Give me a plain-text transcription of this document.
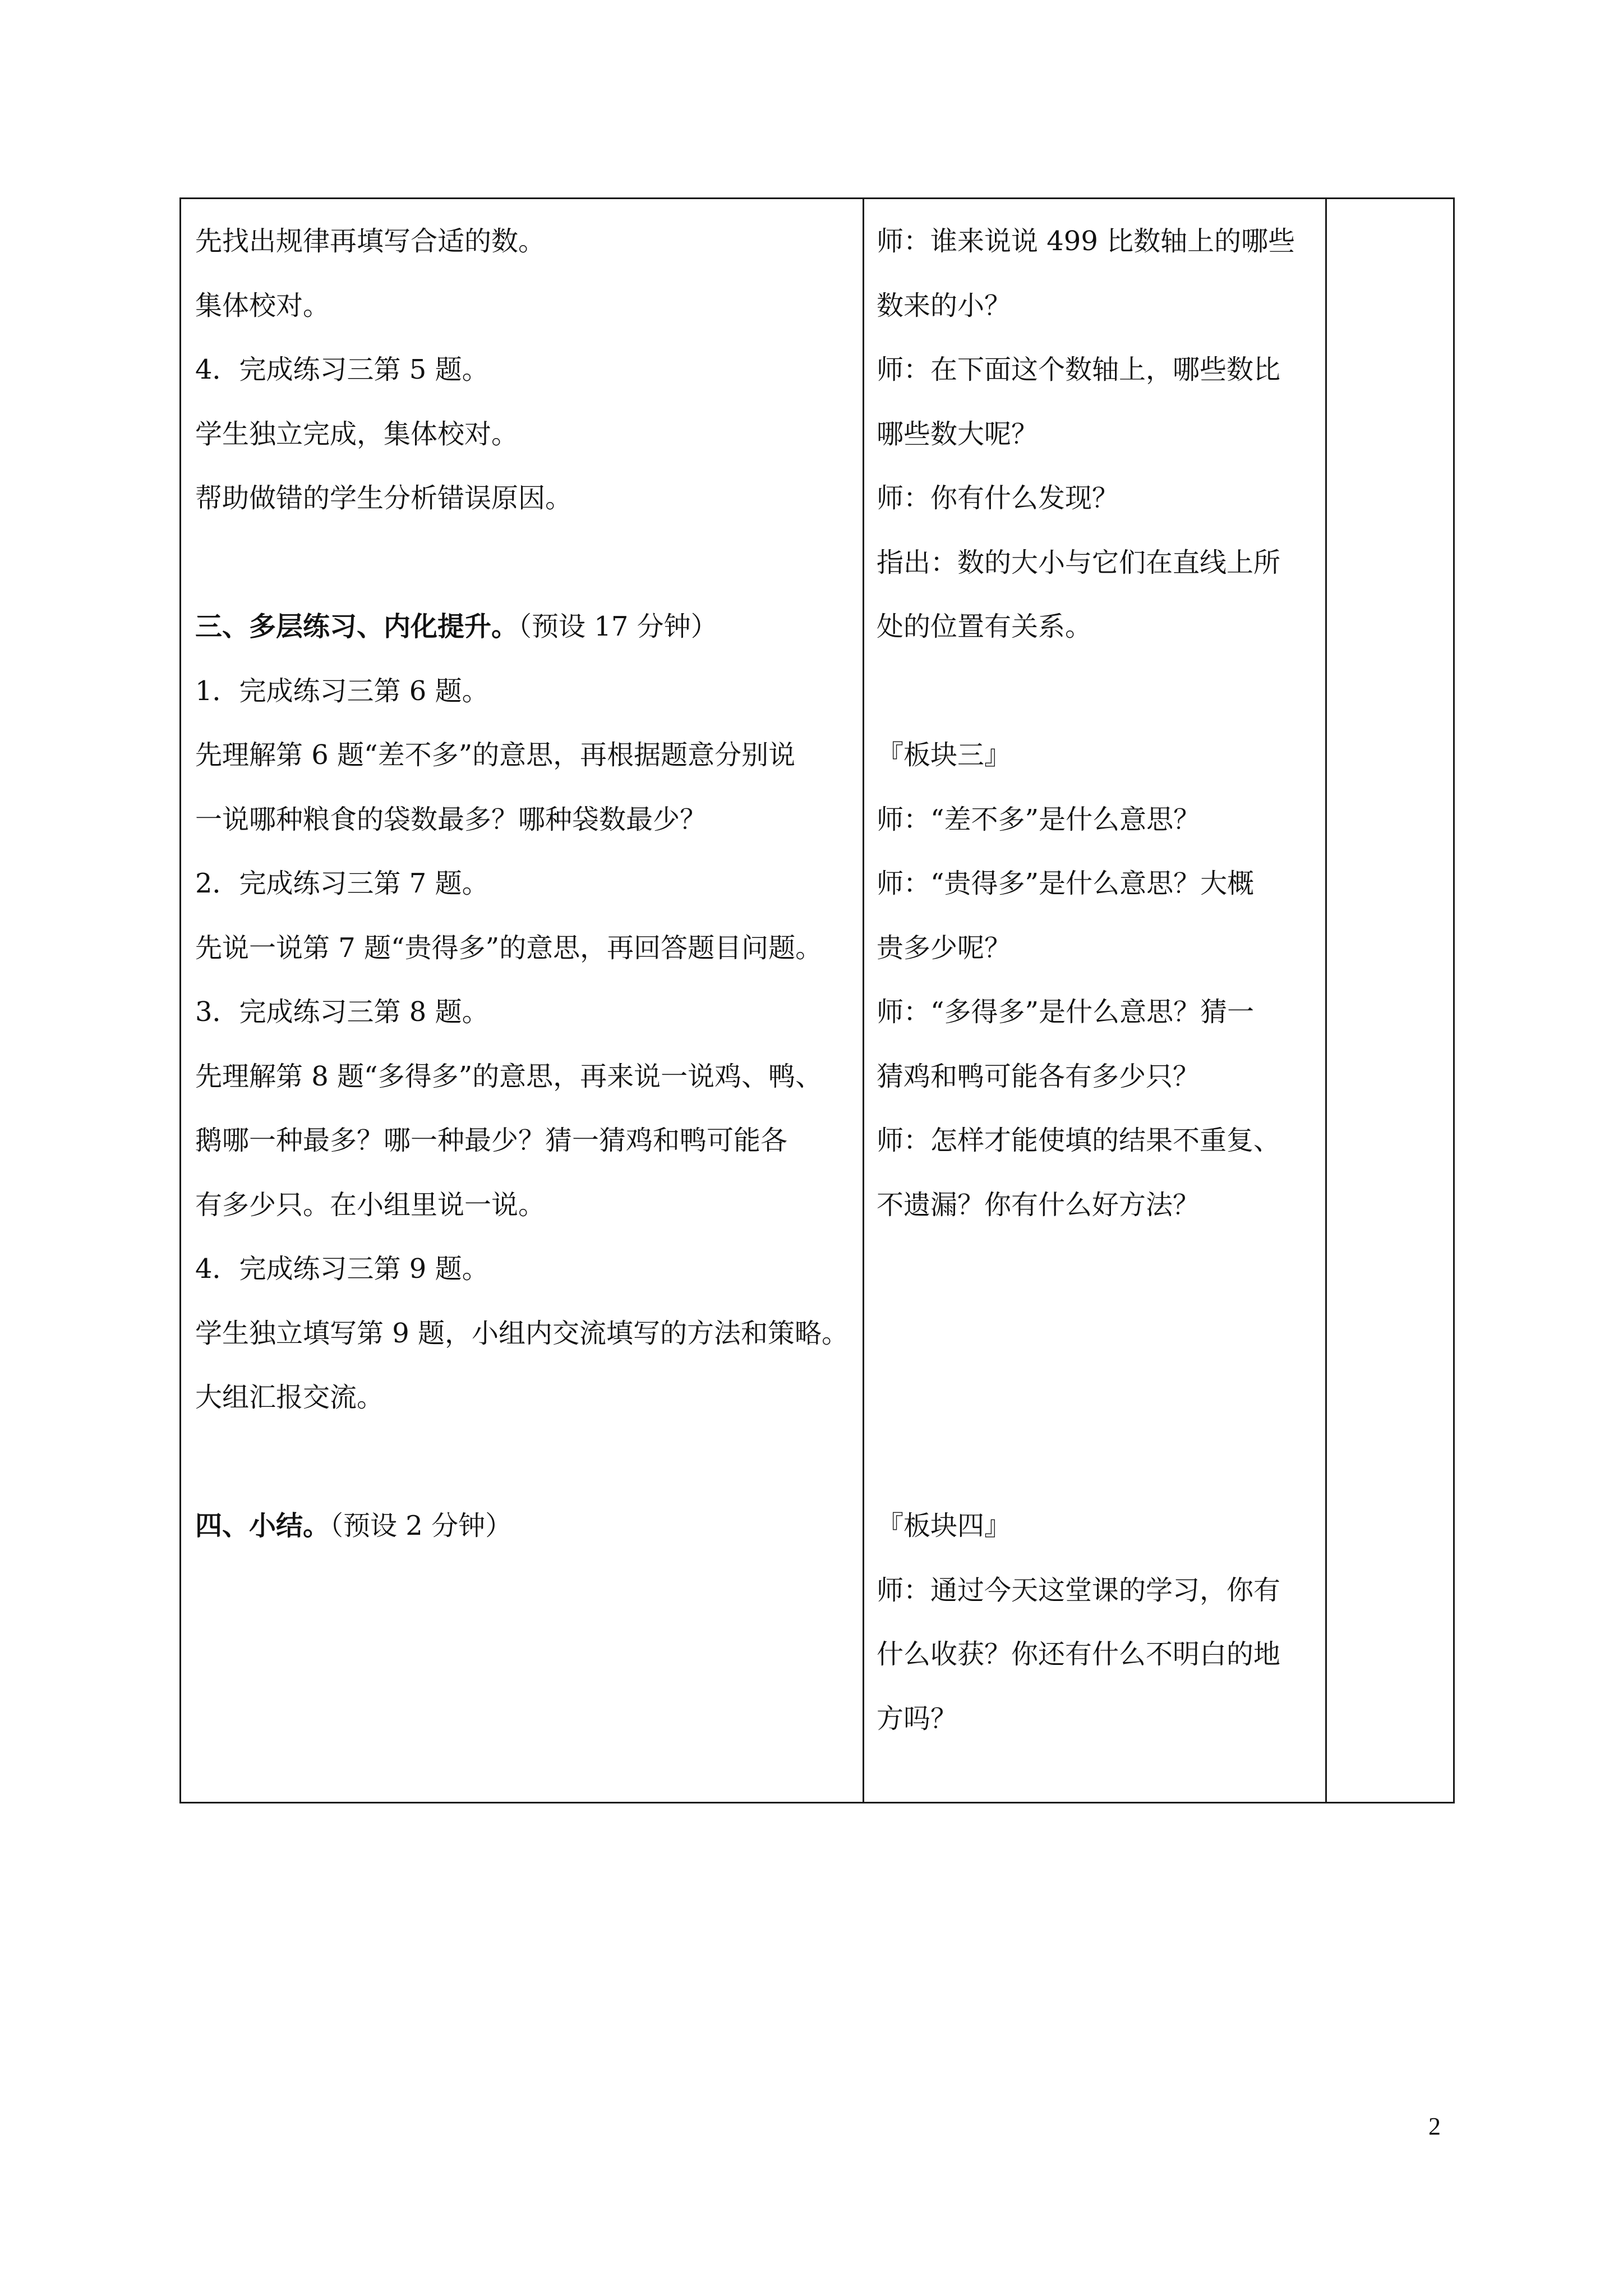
先找出规律再填写合适的数。
集体校对。
4．完成练习三第 5 题。
学生独立完成，集体校对。
帮助做错的学生分析错误原因。
三、多层练习、内化提升。（预设 17 分钟）
1．完成练习三第 6 题。
先理解第 6 题“差不多”的意思，再根据题意分别说
一说哪种粮食的袋数最多？哪种袋数最少？
2．完成练习三第 7 题。
先说一说第 7 题“贵得多”的意思，再回答题目问题。
3．完成练习三第 8 题。
先理解第 8 题“多得多”的意思，再来说一说鸡、鸭、
鹅哪一种最多？哪一种最少？猜一猜鸡和鸭可能各
有多少只。在小组里说一说。
4．完成练习三第 9 题。
学生独立填写第 9 题，小组内交流填写的方法和策略。
大组汇报交流。
四、小结。（预设 2 分钟）
师：谁来说说 499 比数轴上的哪些
数来的小？
师：在下面这个数轴上，哪些数比
哪些数大呢？
师：你有什么发现？
指出：数的大小与它们在直线上所
处的位置有关系。
『板块三』
师：“差不多”是什么意思？
师：“贵得多”是什么意思？大概
贵多少呢？
师：“多得多”是什么意思？猜一
猜鸡和鸭可能各有多少只？
师：怎样才能使填的结果不重复、
不遗漏？你有什么好方法？
『板块四』
师：通过今天这堂课的学习，你有
什么收获？你还有什么不明白的地
方吗？
2
